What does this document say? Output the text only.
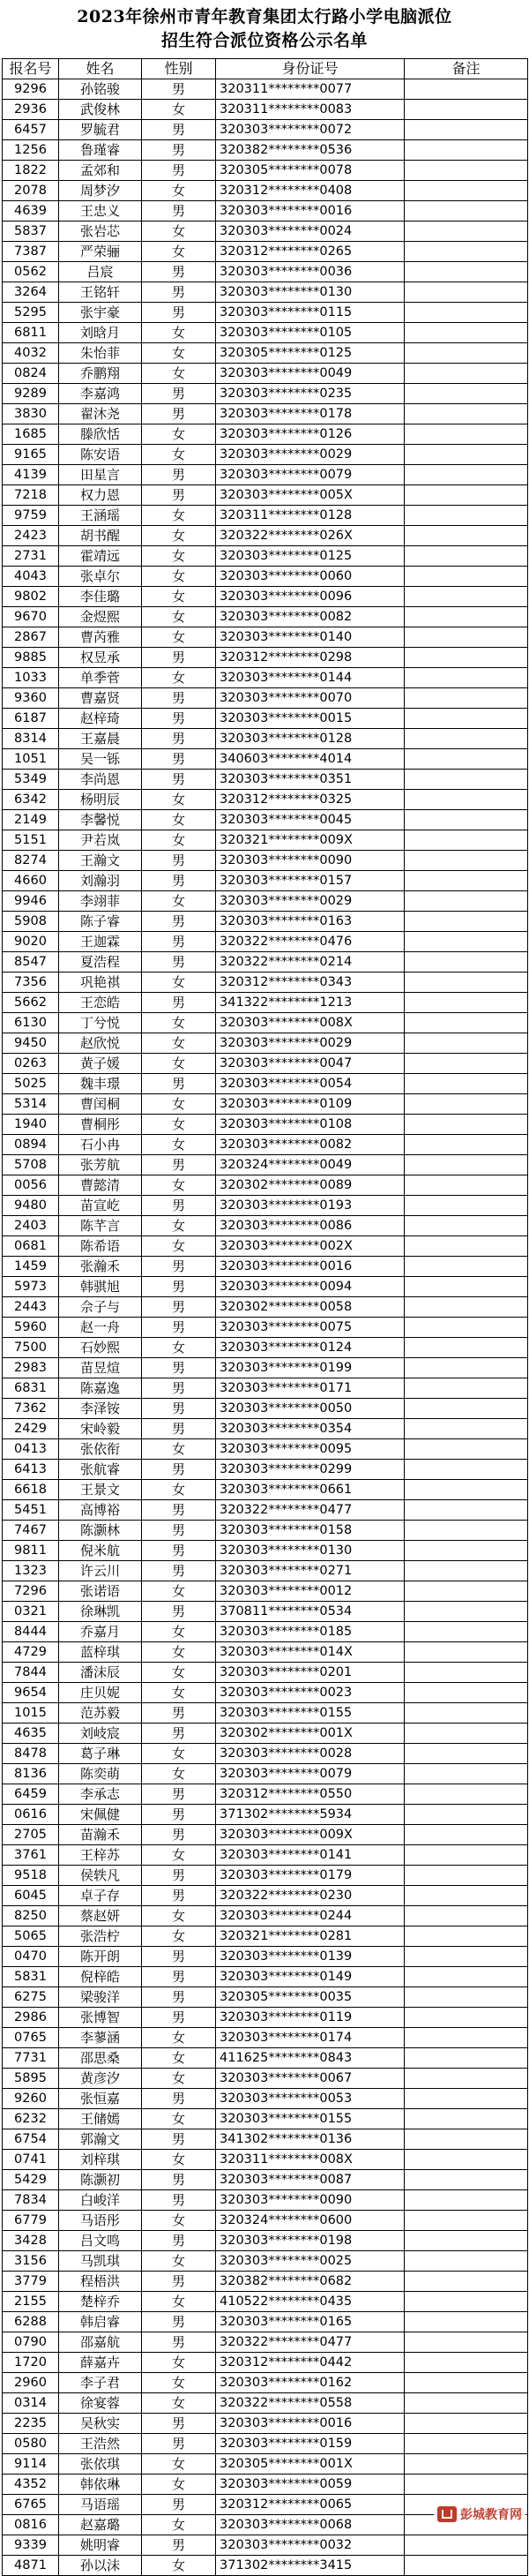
2023年徐州市青年教育集团太行路小学电脑派位
招生符合派位资格公示名单
报名号	姓名	性别	身份证号	备注
9296	孙铭骏	男	320311********0077	
2936	武俊林	女	320311********0083	
6457	罗毓君	男	320303********0072	
1256	鲁瑾睿	男	320382********0536	
1822	孟郊和	男	320305********0078	
2078	周梦汐	女	320312********0408	
4639	王忠义	男	320303********0016	
5837	张岩芯	女	320303********0024	
7387	严荣骊	女	320312********0265	
0562	吕宸	男	320303********0036	
3264	王铭轩	男	320303********0130	
5295	张宇豪	男	320303********0115	
6811	刘晗月	女	320303********0105	
4032	朱怡菲	女	320305********0125	
0824	乔鹏翔	女	320303********0049	
9289	李嘉鸿	男	320303********0235	
3830	翟沐尧	男	320303********0178	
1685	滕欣恬	女	320303********0126	
9165	陈安语	女	320303********0029	
4139	田星言	男	320303********0079	
7218	权力恩	男	320303********005X	
9759	王涵瑶	女	320311********0128	
2423	胡书醒	女	320322********026X	
2731	霍靖远	女	320303********0125	
4043	张卓尔	女	320303********0060	
9802	李佳璐	女	320303********0096	
9670	金煜熙	女	320303********0082	
2867	曹芮雅	女	320303********0140	
9885	权昱承	男	320312********0298	
1033	单季菅	女	320303********0144	
9360	曹嘉贤	男	320303********0070	
6187	赵梓琦	男	320303********0015	
8314	王嘉晨	男	320303********0128	
1051	吴一铄	男	340603********4014	
5349	李尚恩	男	320303********0351	
6342	杨明辰	女	320312********0325	
2149	李馨悦	女	320303********0045	
5151	尹若岚	女	320321********009X	
8274	王瀚文	男	320303********0090	
4660	刘瀚羽	男	320303********0157	
9946	李翊菲	女	320303********0029	
5908	陈子睿	男	320303********0163	
9020	王迦霖	男	320322********0476	
8547	夏浩程	男	320322********0214	
7356	巩艳祺	女	320312********0343	
5662	王恋皓	男	341322********1213	
6130	丁兮悦	女	320303********008X	
9450	赵欣悦	女	320303********0029	
0263	黄子媛	女	320303********0047	
5025	魏丰璟	男	320303********0054	
5314	曹闰桐	女	320303********0109	
1940	曹桐彤	女	320303********0108	
0894	石小冉	女	320303********0082	
5708	张芳航	男	320324********0049	
0056	曹懿清	女	320302********0089	
9480	苗宣屹	男	320303********0193	
2403	陈芊言	女	320303********0086	
0681	陈希语	女	320303********002X	
1459	张瀚禾	男	320303********0016	
5973	韩骐旭	男	320303********0094	
2443	佘子与	男	320302********0058	
5960	赵一舟	男	320303********0075	
7500	石妙熙	女	320303********0124	
2983	苗昱煊	男	320303********0199	
6831	陈嘉逸	男	320303********0171	
7362	李泽铵	男	320303********0050	
2429	宋岭毅	男	320303********0354	
0413	张依衔	女	320303********0095	
6413	张航睿	男	320303********0299	
6618	王景文	女	320303********0661	
5451	高博裕	男	320322********0477	
7467	陈灏林	男	320303********0158	
9811	倪米航	男	320303********0130	
1323	许云川	男	320303********0271	
7296	张诺语	女	320303********0012	
0321	徐琳凯	男	370811********0534	
8444	乔嘉月	女	320303********0185	
4729	蓝梓琪	女	320303********014X	
7844	潘沫辰	女	320303********0201	
9654	庄贝妮	女	320303********0023	
1015	范苏毅	男	320303********0155	
4635	刘岐宸	男	320302********001X	
8478	葛子琳	女	320303********0028	
8136	陈奕萌	女	320303********0079	
6459	李承志	男	320312********0550	
0616	宋佩健	男	371302********5934	
2705	苗瀚禾	男	320303********009X	
3761	王梓苏	女	320303********0141	
9518	侯轶凡	男	320303********0179	
6045	卓子存	男	320322********0230	
8250	蔡赵妍	女	320303********0244	
5065	张浩柠	女	320321********0281	
0470	陈开朗	男	320303********0139	
5831	倪梓皓	男	320303********0149	
6275	梁骏洋	男	320305********0035	
2986	张博智	男	320303********0119	
0765	李蓼涵	女	320303********0174	
7731	邵思桑	女	411625********0843	
5895	黄彦汐	女	320303********0067	
9260	张恒嘉	男	320303********0053	
6232	王储嫣	女	320303********0155	
6754	郭瀚文	男	341302********0136	
0741	刘梓琪	女	320311********008X	
5429	陈灏初	男	320303********0087	
7834	白峻洋	男	320303********0090	
6779	马语彤	女	320324********0600	
3428	吕文鸣	男	320303********0198	
3156	马凯琪	女	320303********0025	
3779	程梧洪	男	320382********0682	
2155	楚梓乔	女	410522********0435	
6288	韩启睿	男	320303********0165	
0790	邵嘉航	男	320322********0477	
1720	薛嘉卉	女	320312********0442	
2960	李子君	女	320303********0162	
0314	徐宴蓉	女	320322********0558	
2235	吴秋实	男	320303********0016	
0580	王浩然	男	320303********0159	
9114	张依琪	女	320305********001X	
4352	韩依琳	女	320303********0059	
6765	马语瑶	男	320312********0065	
0816	赵嘉璐	女	320303********0068	
9339	姚明睿	男	320303********0032	
4871	孙以沫	女	371302********3415	
彭城教育网
